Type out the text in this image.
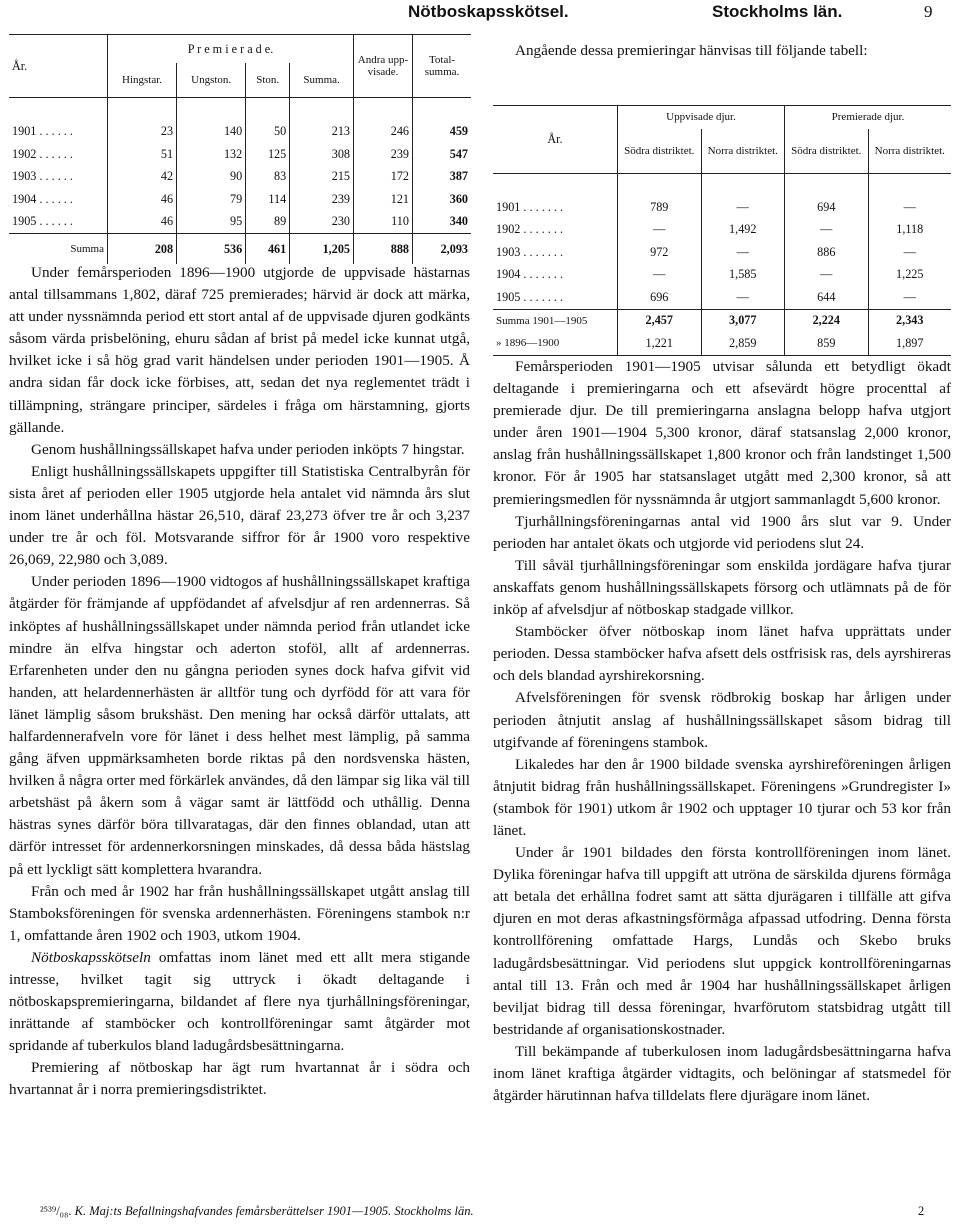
Nötboskapsskötsel.	Stockholms län.	9
År.	P r e m i e r a d e.				Andra upp-visade.	Total-summa.
	Hingstar.	Ungston.	Ston.	Summa.		

1901 . . . . . .	23	140	50	213	246	459
1902 . . . . . .	51	132	125	308	239	547
1903 . . . . . .	42	90	83	215	172	387
1904 . . . . . .	46	79	114	239	121	360
1905 . . . . . .	46	95	89	230	110	340
Summa	208	536	461	1,205	888	2,093

Angående dessa premieringar hänvisas till följande tabell:

År.	Uppvisade djur.		Premierade djur.	
	Södra distriktet.	Norra distriktet.	Södra distriktet.	Norra distriktet.

1901 . . . . . . .	789	—	694	—
1902 . . . . . . .	—	1,492	—	1,118
1903 . . . . . . .	972	—	886	—
1904 . . . . . . .	—	1,585	—	1,225
1905 . . . . . . .	696	—	644	—
Summa 1901—1905	2,457	3,077	2,224	2,343
» 1896—1900	1,221	2,859	859	1,897

Under femårsperioden 1896—1900 utgjorde de uppvisade hästarnas antal tillsammans 1,802, däraf 725 premierades; härvid är dock att märka, att under nyssnämnda period ett stort antal af de uppvisade djuren godkänts såsom värda prisbelöning, ehuru sådan af brist på medel icke kunnat utgå, hvilket icke i så hög grad varit händelsen under perioden 1901—1905. Å andra sidan får dock icke förbises, att, sedan det nya reglementet trädt i tillämpning, strängare principer, särdeles i fråga om härstamning, gjorts gällande.

Genom hushållningssällskapet hafva under perioden inköpts 7 hingstar.

Enligt hushållningssällskapets uppgifter till Statistiska Centralbyrån för sista året af perioden eller 1905 utgjorde hela antalet vid nämnda års slut inom länet underhållna hästar 26,510, däraf 23,273 öfver tre år och 3,237 under tre år och föl. Motsvarande siffror för år 1900 voro respektive 26,069, 22,980 och 3,089.

Under perioden 1896—1900 vidtogos af hushållningssällskapet kraftiga åtgärder för främjande af uppfödandet af afvelsdjur af ren ardennerras. Så inköptes af hushållningssällskapet under nämnda period från utlandet icke mindre än elfva hingstar och aderton stoföl, allt af ardennerras. Erfarenheten under den nu gångna perioden synes dock hafva gifvit vid handen, att helardennerhästen är alltför tung och dyrfödd för att vara för länet lämplig såsom brukshäst. Den mening har också därför uttalats, att halfardennerafveln vore för länet i dess helhet mest lämplig, på samma gång äfven uppmärksamheten borde riktas på den nordsvenska hästen, hvilken å några orter med förkärlek användes, då den lämpar sig lika väl till arbetshäst på åkern som å vägar samt är lättfödd och uthållig. Denna hästras synes därför böra tillvaratagas, där den finnes oblandad, utan att därför intresset för ardennerkorsningen minskades, då dessa båda hästslag på ett lyckligt sätt komplettera hvarandra.

Från och med år 1902 har från hushållningssällskapet utgått anslag till Stamboksföreningen för svenska ardennerhästen. Föreningens stambok n:r 1, omfattande åren 1902 och 1903, utkom 1904.

Nötboskapsskötseln omfattas inom länet med ett allt mera stigande intresse, hvilket tagit sig uttryck i ökadt deltagande i nötboskapspremieringarna, bildandet af flere nya tjurhållningsföreningar, inrättande af stamböcker och kontrollföreningar samt åtgärder mot spridande af tuberkulos bland ladugårdsbesättningarna.

Premiering af nötboskap har ägt rum hvartannat år i södra och hvartannat år i norra premieringsdistriktet.

Femårsperioden 1901—1905 utvisar sålunda ett betydligt ökadt deltagande i premieringarna och ett afsevärdt högre procenttal af premierade djur. De till premieringarna anslagna belopp hafva utgjort under åren 1901—1904 5,300 kronor, däraf statsanslag 2,000 kronor, anslag från hushållningssällskapet 1,800 kronor och från landstinget 1,500 kronor. För år 1905 har statsanslaget utgått med 2,300 kronor, så att premieringsmedlen för nyssnämnda år utgjort sammanlagdt 5,600 kronor.

Tjurhållningsföreningarnas antal vid 1900 års slut var 9. Under perioden har antalet ökats och utgjorde vid periodens slut 24.

Till såväl tjurhållningsföreningar som enskilda jordägare hafva tjurar anskaffats genom hushållningssällskapets försorg och utlämnats på de för inköp af afvelsdjur af nötboskap stadgade villkor.

Stamböcker öfver nötboskap inom länet hafva upprättats under perioden. Dessa stamböcker hafva afsett dels ostfrisisk ras, dels ayrshireras och dels blandad ayrshirekorsning.

Afvelsföreningen för svensk rödbrokig boskap har årligen under perioden åtnjutit anslag af hushållningssällskapet såsom bidrag till utgifvande af föreningens stambok.

Likaledes har den år 1900 bildade svenska ayrshireföreningen årligen åtnjutit bidrag från hushållningssällskapet. Föreningens »Grundregister I» (stambok för 1901) utkom år 1902 och upptager 10 tjurar och 53 kor från länet.

Under år 1901 bildades den första kontrollföreningen inom länet. Dylika föreningar hafva till uppgift att utröna de särskilda djurens förmåga att betala det erhållna fodret samt att sätta djurägaren i tillfälle att gifva djuren en mot deras afkastningsförmåga afpassad utfodring. Denna första kontrollförening omfattade Hargs, Lundås och Skebo bruks ladugårdsbesättningar. Vid periodens slut uppgick kontrollföreningarnas antal till 13. Från och med år 1904 har hushållningssällskapet årligen beviljat bidrag till dessa föreningar, hvarförutom statsbidrag utgått till bestridande af organisationskostnader.

Till bekämpande af tuberkulosen inom ladugårdsbesättningarna hafva inom länet kraftiga åtgärder vidtagits, och belöningar af statsmedel för åtgärder härutinnan hafva tilldelats flere djurägare inom länet.

²⁵³⁹/₀₈. K. Maj:ts Befallningshafvandes femårsberättelser 1901—1905. Stockholms län.	2
